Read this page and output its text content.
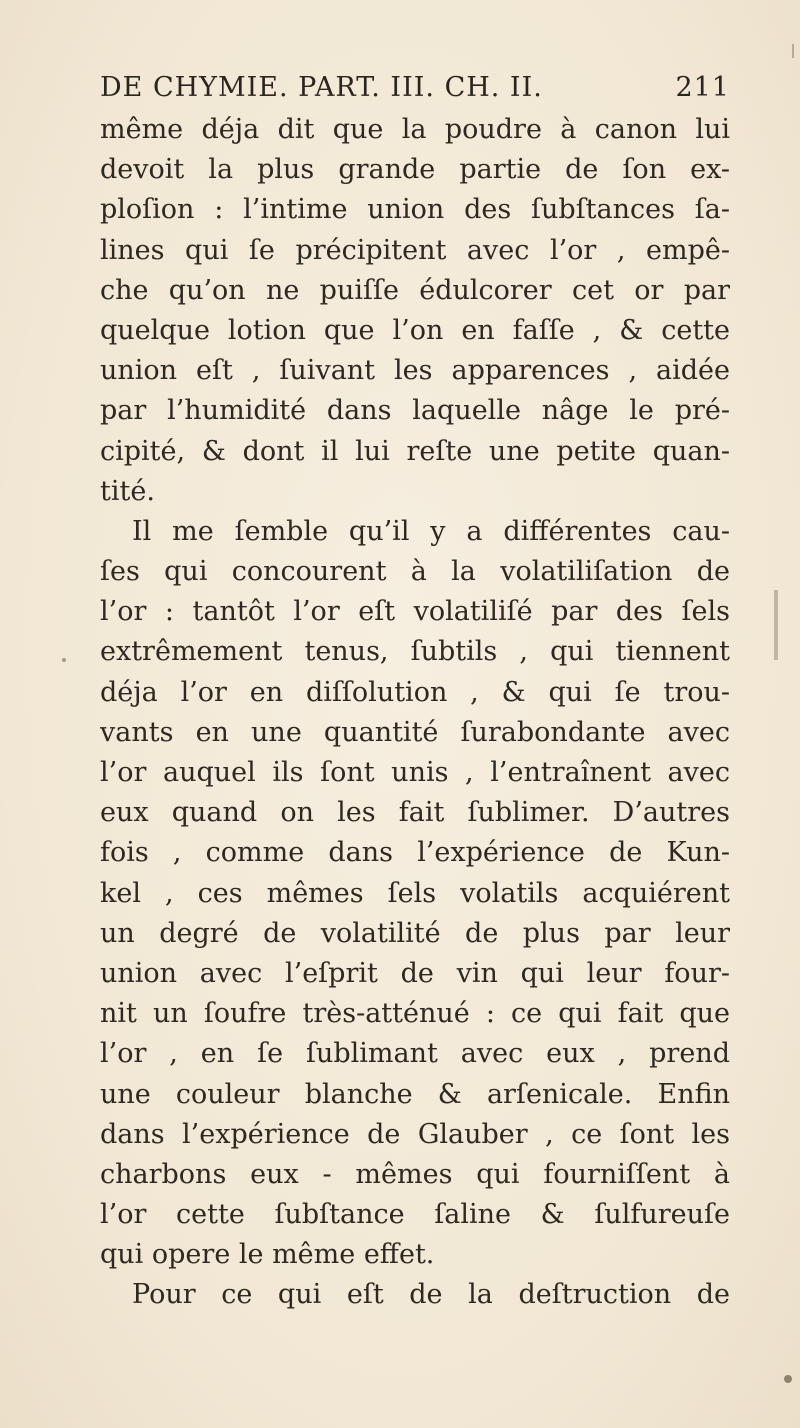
DE CHYMIE. PART. III. CH. II.	211
même déja dit que la poudre à canon lui
devoit la plus grande partie de ſon ex-
ploſion : l’intime union des ſubſtances ſa-
lines qui ſe précipitent avec l’or , empê-
che qu’on ne puiſſe édulcorer cet or par
quelque lotion que l’on en faſſe , & cette
union eſt , ſuivant les apparences , aidée
par l’humidité dans laquelle nâge le pré-
cipité, & dont il lui reſte une petite quan-
tité.
Il me ſemble qu’il y a différentes cau-
ſes qui concourent à la volatiliſation de
l’or : tantôt l’or eſt volatiliſé par des ſels
extrêmement tenus, ſubtils , qui tiennent
déja l’or en diſſolution , & qui ſe trou-
vants en une quantité ſurabondante avec
l’or auquel ils ſont unis , l’entraînent avec
eux quand on les fait ſublimer. D’autres
fois , comme dans l’expérience de Kun-
kel , ces mêmes ſels volatils acquiérent
un degré de volatilité de plus par leur
union avec l’eſprit de vin qui leur four-
nit un ſoufre très-atténué : ce qui fait que
l’or , en ſe ſublimant avec eux , prend
une couleur blanche & arſenicale. Enfin
dans l’expérience de Glauber , ce ſont les
charbons eux - mêmes qui fourniſſent à
l’or cette ſubſtance ſaline & ſulfureuſe
qui opere le même effet.
Pour ce qui eſt de la deſtruction de
